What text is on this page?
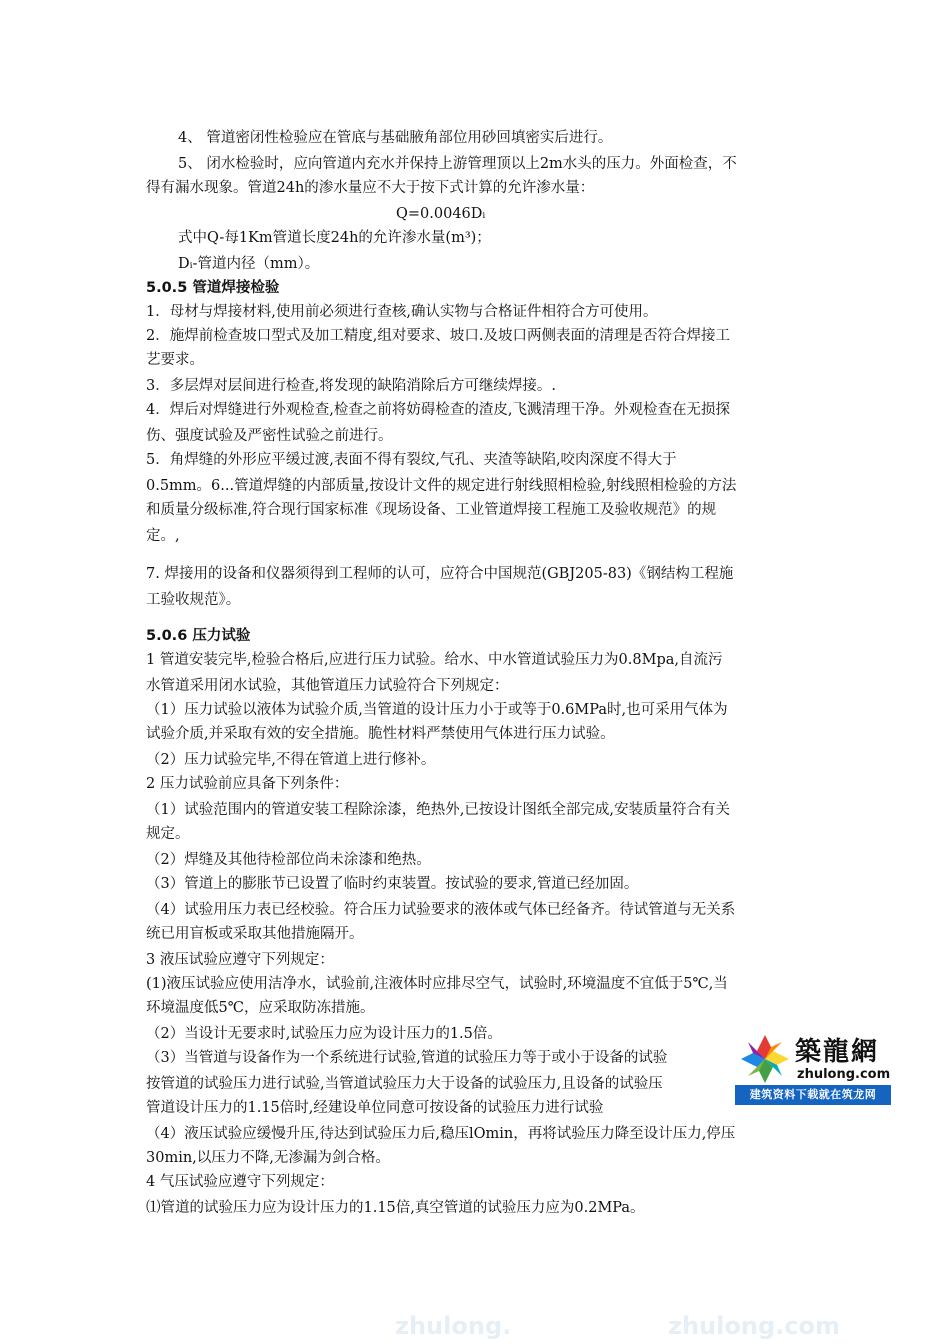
4、 管道密闭性检验应在管底与基础腋角部位用砂回填密实后进行。
5、 闭水检验时，应向管道内充水并保持上游管理顶以上2m水头的压力。外面检查，不
得有漏水现象。管道24h的渗水量应不大于按下式计算的允许渗水量：
Q=0.0046Dᵢ
式中Q-每1Km管道长度24h的允许渗水量(m³)；
Dᵢ-管道内径（mm）。
5.0.5 管道焊接检验
1．母材与焊接材料,使用前必须进行查核,确认实物与合格证件相符合方可使用。
2．施焊前检查坡口型式及加工精度,组对要求、坡口.及坡口两侧表面的清理是否符合焊接工
艺要求。
3．多层焊对层间进行检查,将发现的缺陷消除后方可继续焊接。.
4．焊后对焊缝进行外观检查,检查之前将妨碍检查的渣皮,飞溅清理干净。外观检查在无损探
伤、强度试验及严密性试验之前进行。
5．角焊缝的外形应平缓过渡,表面不得有裂纹,气孔、夹渣等缺陷,咬肉深度不得大于
0.5mm。6...管道焊缝的内部质量,按设计文件的规定进行射线照相检验,射线照相检验的方法
和质量分级标准,符合现行国家标准《现场设备、工业管道焊接工程施工及验收规范》的规
定。,
7. 焊接用的设备和仪器须得到工程师的认可，应符合中国规范(GBJ205-83)《钢结构工程施
工验收规范》。
5.0.6 压力试验
1 管道安装完毕,检验合格后,应进行压力试验。给水、中水管道试验压力为0.8Mpa,自流污
水管道采用闭水试验，其他管道压力试验符合下列规定：
（1）压力试验以液体为试验介质,当管道的设计压力小于或等于0.6MPa时,也可采用气体为
试验介质,并采取有效的安全措施。脆性材料严禁使用气体进行压力试验。
（2）压力试验完毕,不得在管道上进行修补。
2 压力试验前应具备下列条件：
（1）试验范围内的管道安装工程除涂漆，绝热外,已按设计图纸全部完成,安装质量符合有关
规定。
（2）焊缝及其他待检部位尚未涂漆和绝热。
（3）管道上的膨胀节已设置了临时约束装置。按试验的要求,管道已经加固。
（4）试验用压力表已经校验。符合压力试验要求的液体或气体已经备齐。待试管道与无关系
统已用盲板或采取其他措施隔开。
3 液压试验应遵守下列规定：
(1)液压试验应使用洁净水，试验前,注液体时应排尽空气，试验时,环境温度不宜低于5℃,当
环境温度低5℃，应采取防冻措施。
（2）当设计无要求时,试验压力应为设计压力的1.5倍。
（3）当管道与设备作为一个系统进行试验,管道的试验压力等于或小于设备的试验
按管道的试验压力进行试验,当管道试验压力大于设备的试验压力,且设备的试验压
管道设计压力的1.15倍时,经建设单位同意可按设备的试验压力进行试验
（4）液压试验应缓慢升压,待达到试验压力后,稳压lOmin，再将试验压力降至设计压力,停压
30min,以压力不降,无渗漏为剑合格。
4 气压试验应遵守下列规定：
⑴管道的试验压力应为设计压力的1.15倍,真空管道的试验压力应为0.2MPa。
築龍網
zhulong.com
建筑资料下载就在筑龙网
zhulong.	zhulong.com
